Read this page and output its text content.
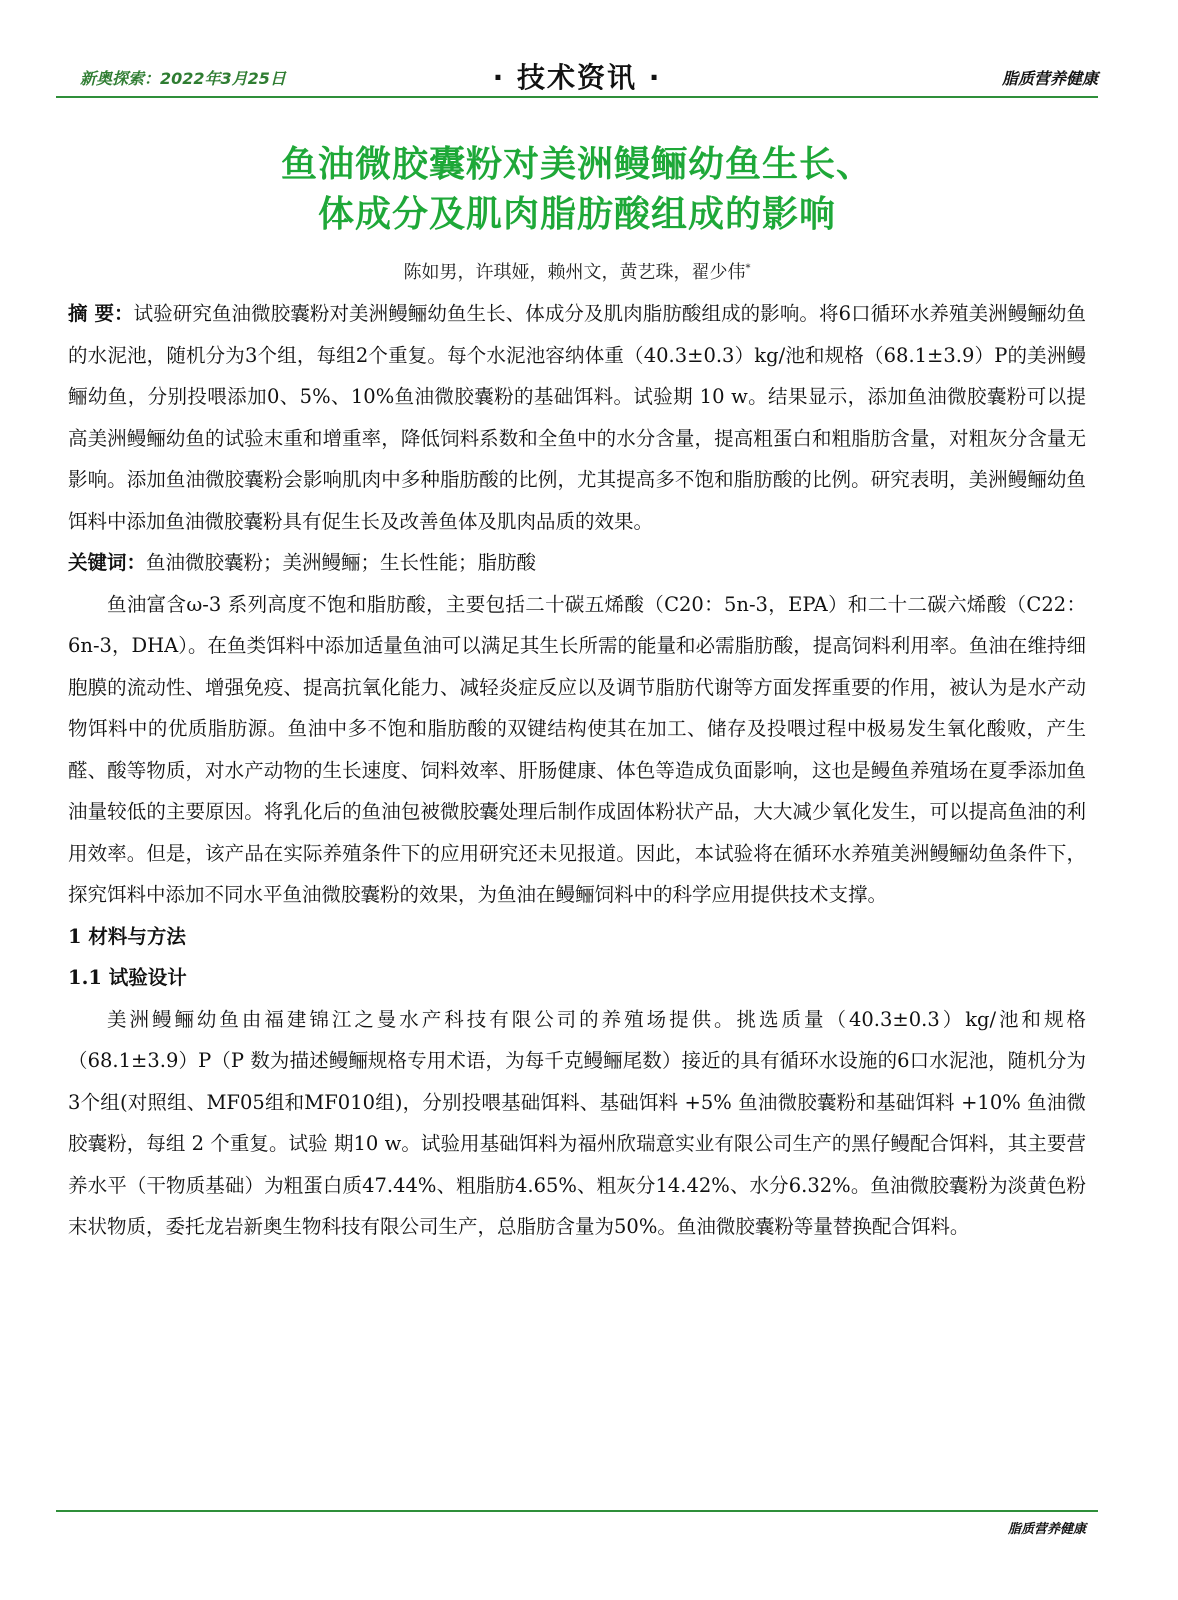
新奥探索：2022年3月25日	· 技术资讯 ·	脂质营养健康
鱼油微胶囊粉对美洲鳗鲡幼鱼生长、
体成分及肌肉脂肪酸组成的影响
陈如男，许琪娅，赖州文，黄艺珠，翟少伟*

摘 要：试验研究鱼油微胶囊粉对美洲鳗鲡幼鱼生长、体成分及肌肉脂肪酸组成的影响。将6口循环水养殖美洲鳗鲡幼鱼的水泥池，随机分为3个组，每组2个重复。每个水泥池容纳体重（40.3±0.3）kg/池和规格（68.1±3.9）P的美洲鳗鲡幼鱼，分别投喂添加0、5%、10%鱼油微胶囊粉的基础饵料。试验期 10 w。结果显示，添加鱼油微胶囊粉可以提高美洲鳗鲡幼鱼的试验末重和增重率，降低饲料系数和全鱼中的水分含量，提高粗蛋白和粗脂肪含量，对粗灰分含量无影响。添加鱼油微胶囊粉会影响肌肉中多种脂肪酸的比例，尤其提高多不饱和脂肪酸的比例。研究表明，美洲鳗鲡幼鱼饵料中添加鱼油微胶囊粉具有促生长及改善鱼体及肌肉品质的效果。

关键词：鱼油微胶囊粉；美洲鳗鲡；生长性能；脂肪酸

鱼油富含ω-3 系列高度不饱和脂肪酸，主要包括二十碳五烯酸（C20：5n-3，EPA）和二十二碳六烯酸（C22：6n-3，DHA）。在鱼类饵料中添加适量鱼油可以满足其生长所需的能量和必需脂肪酸，提高饲料利用率。鱼油在维持细胞膜的流动性、增强免疫、提高抗氧化能力、减轻炎症反应以及调节脂肪代谢等方面发挥重要的作用，被认为是水产动物饵料中的优质脂肪源。鱼油中多不饱和脂肪酸的双键结构使其在加工、储存及投喂过程中极易发生氧化酸败，产生醛、酸等物质，对水产动物的生长速度、饲料效率、肝肠健康、体色等造成负面影响，这也是鳗鱼养殖场在夏季添加鱼油量较低的主要原因。将乳化后的鱼油包被微胶囊处理后制作成固体粉状产品，大大减少氧化发生，可以提高鱼油的利用效率。但是，该产品在实际养殖条件下的应用研究还未见报道。因此，本试验将在循环水养殖美洲鳗鲡幼鱼条件下，探究饵料中添加不同水平鱼油微胶囊粉的效果，为鱼油在鳗鲡饲料中的科学应用提供技术支撑。

1 材料与方法

1.1 试验设计

美洲鳗鲡幼鱼由福建锦江之曼水产科技有限公司的养殖场提供。挑选质量（40.3±0.3）kg/池和规格（68.1±3.9）P（P 数为描述鳗鲡规格专用术语，为每千克鳗鲡尾数）接近的具有循环水设施的6口水泥池，随机分为3个组(对照组、MF05组和MF010组)，分别投喂基础饵料、基础饵料 +5% 鱼油微胶囊粉和基础饵料 +10% 鱼油微胶囊粉，每组 2 个重复。试验 期10 w。试验用基础饵料为福州欣瑞意实业有限公司生产的黑仔鳗配合饵料，其主要营养水平（干物质基础）为粗蛋白质47.44%、粗脂肪4.65%、粗灰分14.42%、水分6.32%。鱼油微胶囊粉为淡黄色粉末状物质，委托龙岩新奥生物科技有限公司生产，总脂肪含量为50%。鱼油微胶囊粉等量替换配合饵料。

脂质营养健康
